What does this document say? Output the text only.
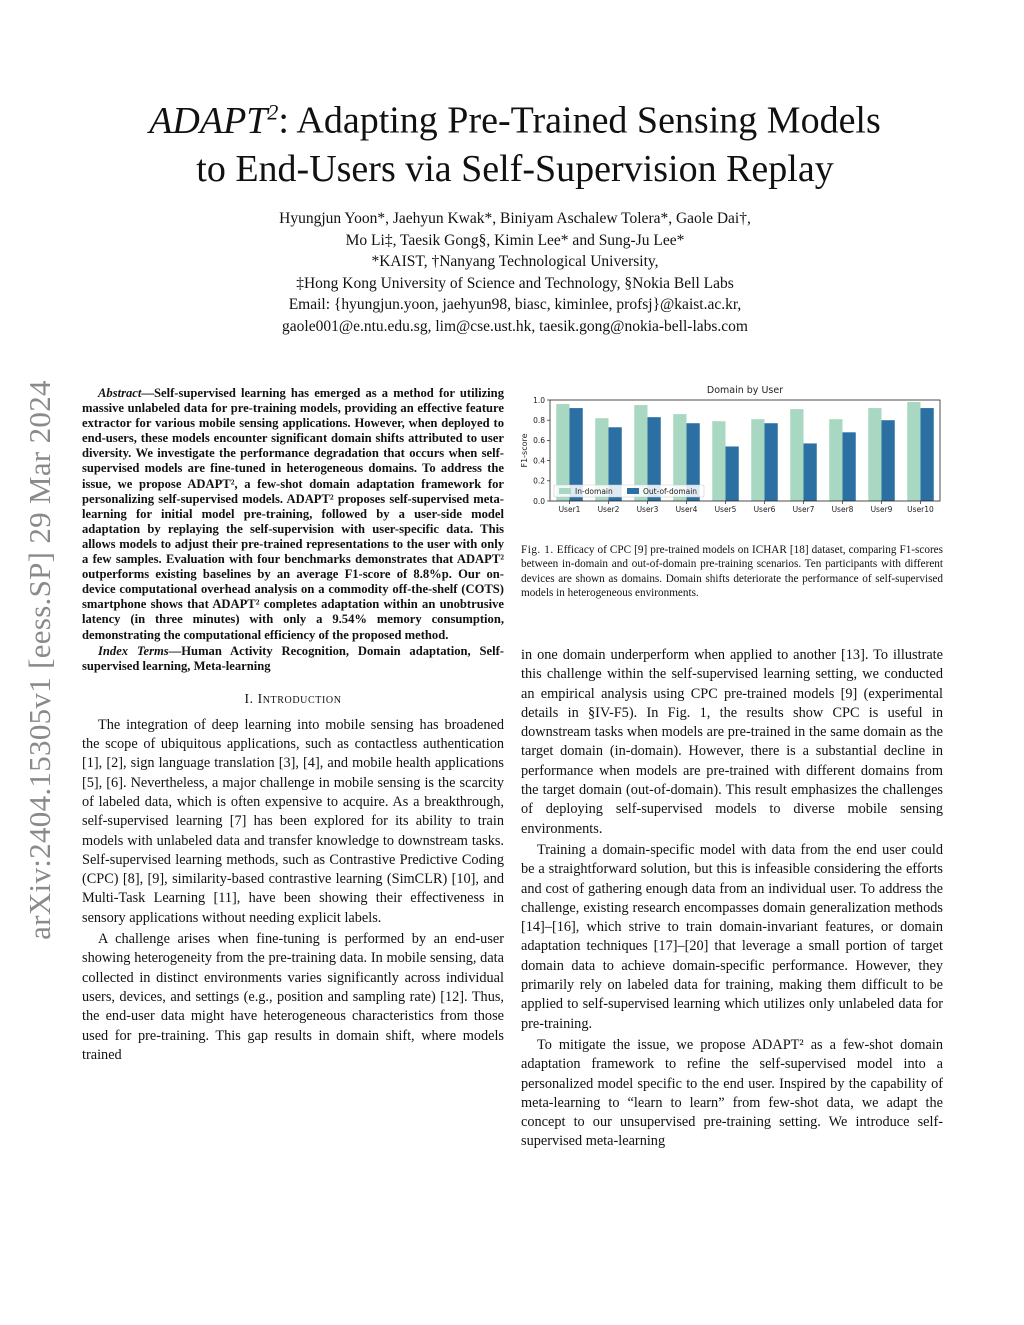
arXiv:2404.15305v1 [eess.SP] 29 Mar 2024
ADAPT$^2$: Adapting Pre-Trained Sensing Models
to End-Users via Self-Supervision Replay
Hyungjun Yoon*, Jaehyun Kwak*, Biniyam Aschalew Tolera*, Gaole Dai†,
Mo Li‡, Taesik Gong§, Kimin Lee* and Sung-Ju Lee*
*KAIST, †Nanyang Technological University,
‡Hong Kong University of Science and Technology, §Nokia Bell Labs
Email: {hyungjun.yoon, jaehyun98, biasc, kiminlee, profsj}@kaist.ac.kr,
gaole001@e.ntu.edu.sg, lim@cse.ust.hk, taesik.gong@nokia-bell-labs.com

Abstract—Self-supervised learning has emerged as a method for utilizing massive unlabeled data for pre-training models, providing an effective feature extractor for various mobile sensing applications. However, when deployed to end-users, these models encounter significant domain shifts attributed to user diversity. We investigate the performance degradation that occurs when self-supervised models are fine-tuned in heterogeneous domains. To address the issue, we propose ADAPT², a few-shot domain adaptation framework for personalizing self-supervised models. ADAPT² proposes self-supervised meta-learning for initial model pre-training, followed by a user-side model adaptation by replaying the self-supervision with user-specific data. This allows models to adjust their pre-trained representations to the user with only a few samples. Evaluation with four benchmarks demonstrates that ADAPT² outperforms existing baselines by an average F1-score of 8.8%p. Our on-device computational overhead analysis on a commodity off-the-shelf (COTS) smartphone shows that ADAPT² completes adaptation within an unobtrusive latency (in three minutes) with only a 9.54% memory consumption, demonstrating the computational efficiency of the proposed method.

Index Terms—Human Activity Recognition, Domain adaptation, Self-supervised learning, Meta-learning

I. Introduction

The integration of deep learning into mobile sensing has broadened the scope of ubiquitous applications, such as contactless authentication [1], [2], sign language translation [3], [4], and mobile health applications [5], [6]. Nevertheless, a major challenge in mobile sensing is the scarcity of labeled data, which is often expensive to acquire. As a breakthrough, self-supervised learning [7] has been explored for its ability to train models with unlabeled data and transfer knowledge to downstream tasks. Self-supervised learning methods, such as Contrastive Predictive Coding (CPC) [8], [9], similarity-based contrastive learning (SimCLR) [10], and Multi-Task Learning [11], have been showing their effectiveness in sensory applications without needing explicit labels.

A challenge arises when fine-tuning is performed by an end-user showing heterogeneity from the pre-training data. In mobile sensing, data collected in distinct environments varies significantly across individual users, devices, and settings (e.g., position and sampling rate) [12]. Thus, the end-user data might have heterogeneous characteristics from those used for pre-training. This gap results in domain shift, where models trained

Domain by User
F1-score
0.0
0.2
0.4
0.6
0.8
1.0
User1 User2 User3 User4 User5 User6 User7 User8 User9 User10
In-domain	Out-of-domain
Fig. 1. Efficacy of CPC [9] pre-trained models on ICHAR [18] dataset, comparing F1-scores between in-domain and out-of-domain pre-training scenarios. Ten participants with different devices are shown as domains. Domain shifts deteriorate the performance of self-supervised models in heterogeneous environments.

in one domain underperform when applied to another [13]. To illustrate this challenge within the self-supervised learning setting, we conducted an empirical analysis using CPC pre-trained models [9] (experimental details in §IV-F5). In Fig. 1, the results show CPC is useful in downstream tasks when models are pre-trained in the same domain as the target domain (in-domain). However, there is a substantial decline in performance when models are pre-trained with different domains from the target domain (out-of-domain). This result emphasizes the challenges of deploying self-supervised models to diverse mobile sensing environments.

Training a domain-specific model with data from the end user could be a straightforward solution, but this is infeasible considering the efforts and cost of gathering enough data from an individual user. To address the challenge, existing research encompasses domain generalization methods [14]–[16], which strive to train domain-invariant features, or domain adaptation techniques [17]–[20] that leverage a small portion of target domain data to achieve domain-specific performance. However, they primarily rely on labeled data for training, making them difficult to be applied to self-supervised learning which utilizes only unlabeled data for pre-training.

To mitigate the issue, we propose ADAPT² as a few-shot domain adaptation framework to refine the self-supervised model into a personalized model specific to the end user. Inspired by the capability of meta-learning to “learn to learn” from few-shot data, we adapt the concept to our unsupervised pre-training setting. We introduce self-supervised meta-learning
